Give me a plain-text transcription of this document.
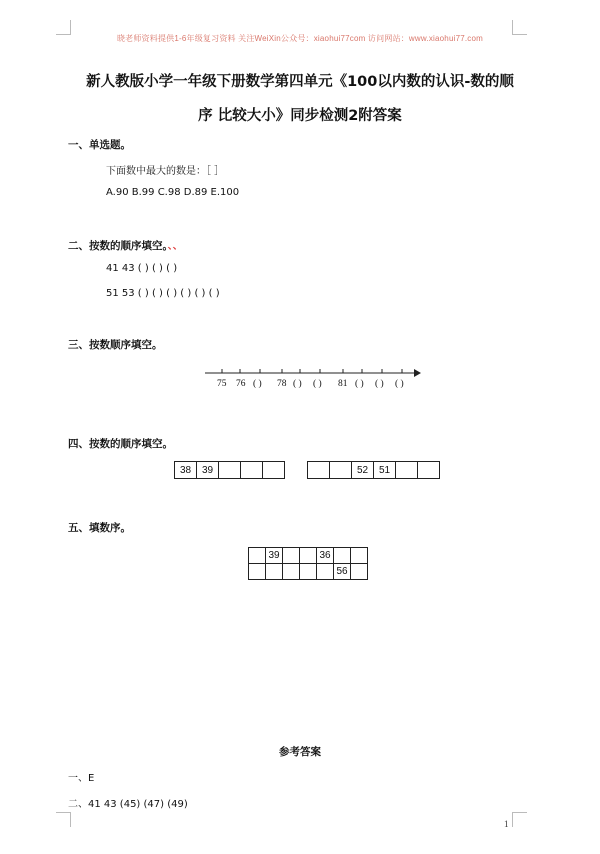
晓老师资料提供1-6年级复习资料 关注WeiXin公众号：xiaohui77com 访问网站：www.xiaohui77.com
新人教版小学一年级下册数学第四单元《100以内数的认识-数的顺
序 比较大小》同步检测2附答案
一、单选题。
下面数中最大的数是：［ ］
A.90 B.99 C.98 D.89 E.100
二、按数的顺序填空。、、
41 43 ( ) ( ) ( )
51 53 ( ) ( ) ( ) ( ) ( ) ( )
三、按数顺序填空。
75 76 ( ) 78 ( ) ( ) 81 ( ) ( ) ( )
四、按数的顺序填空。
38	39			
			52	51		
五、填数序。
	39			36		
					56	
参考答案
一、E
二、41 43 (45) (47) (49)
1
